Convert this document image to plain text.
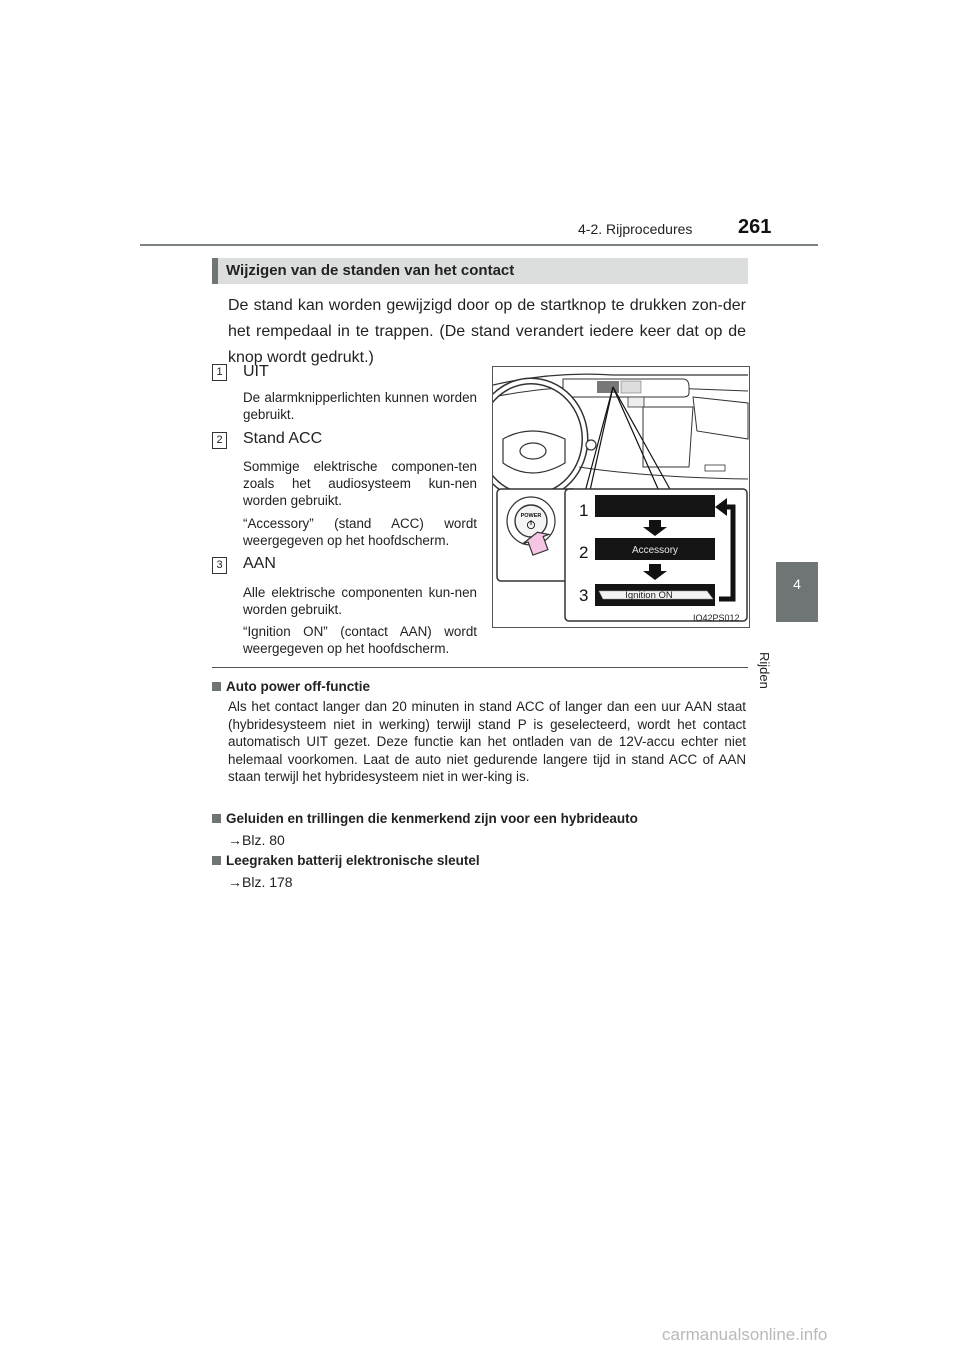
4-2. Rijprocedures 261
4
Rijden
Wijzigen van de standen van het contact
De stand kan worden gewijzigd door op de startknop te drukken zon-der het rempedaal in te trappen. (De stand verandert iedere keer dat op de knop wordt gedrukt.)
1 UIT
De alarmknipperlichten kunnen worden gebruikt.
2 Stand ACC
Sommige elektrische componen-ten zoals het audiosysteem kun-nen worden gebruikt.
“Accessory” (stand ACC) wordt weergegeven op het hoofdscherm.
3 AAN
Alle elektrische componenten kun-nen worden gebruikt.
“Ignition ON” (contact AAN) wordt weergegeven op het hoofdscherm.
POWER 1
2
3
Accessory
Ignition ON
IO42PS012
Auto power off-functie
Als het contact langer dan 20 minuten in stand ACC of langer dan een uur AAN staat (hybridesysteem niet in werking) terwijl stand P is geselecteerd, wordt het contact automatisch UIT gezet. Deze functie kan het ontladen van de 12V-accu echter niet helemaal voorkomen. Laat de auto niet gedurende langere tijd in stand ACC of AAN staan terwijl het hybridesysteem niet in wer-king is.
Geluiden en trillingen die kenmerkend zijn voor een hybrideauto
→Blz. 80
Leegraken batterij elektronische sleutel
→Blz. 178
carmanualsonline.info
